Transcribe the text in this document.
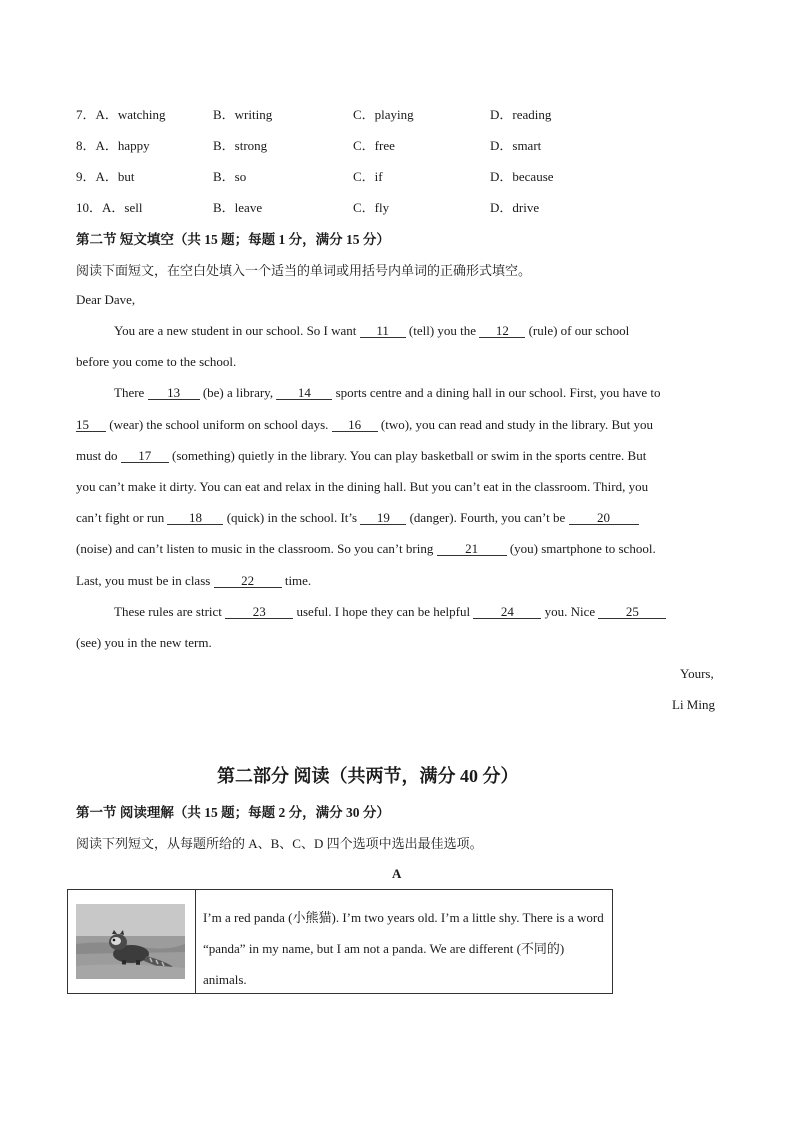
7．A．watching	B．writing	C．playing	D．reading
8．A．happy	B．strong	C．free	D．smart
9．A．but	B．so	C．if	D．because
10．A．sell	B．leave	C．fly	D．drive
第二节 短文填空（共 15 题；每题 1 分，满分 15 分）
阅读下面短文，在空白处填入一个适当的单词或用括号内单词的正确形式填空。
Dear Dave,
You are a new student in our school. So I want 11 (tell) you the 12 (rule) of our school
before you come to the school.
There 13 (be) a library, 14 sports centre and a dining hall in our school. First, you have to
15 (wear) the school uniform on school days. 16 (two), you can read and study in the library. But you
must do 17 (something) quietly in the library. You can play basketball or swim in the sports centre. But
you can’t make it dirty. You can eat and relax in the dining hall. But you can’t eat in the classroom. Third, you
can’t fight or run 18 (quick) in the school. It’s 19 (danger). Fourth, you can’t be 20
(noise) and can’t listen to music in the classroom. So you can’t bring 21 (you) smartphone to school.
Last, you must be in class 22 time.
These rules are strict 23 useful. I hope they can be helpful 24 you. Nice 25
(see) you in the new term.
Yours,
Li Ming
第二部分 阅读（共两节，满分 40 分）
第一节 阅读理解（共 15 题；每题 2 分，满分 30 分）
阅读下列短文，从每题所给的 A、B、C、D 四个选项中选出最佳选项。
A
I’m a red panda (小熊猫). I’m two years old. I’m a little shy. There is a word “panda” in my name, but I am not a panda. We are different (不同的) animals.
